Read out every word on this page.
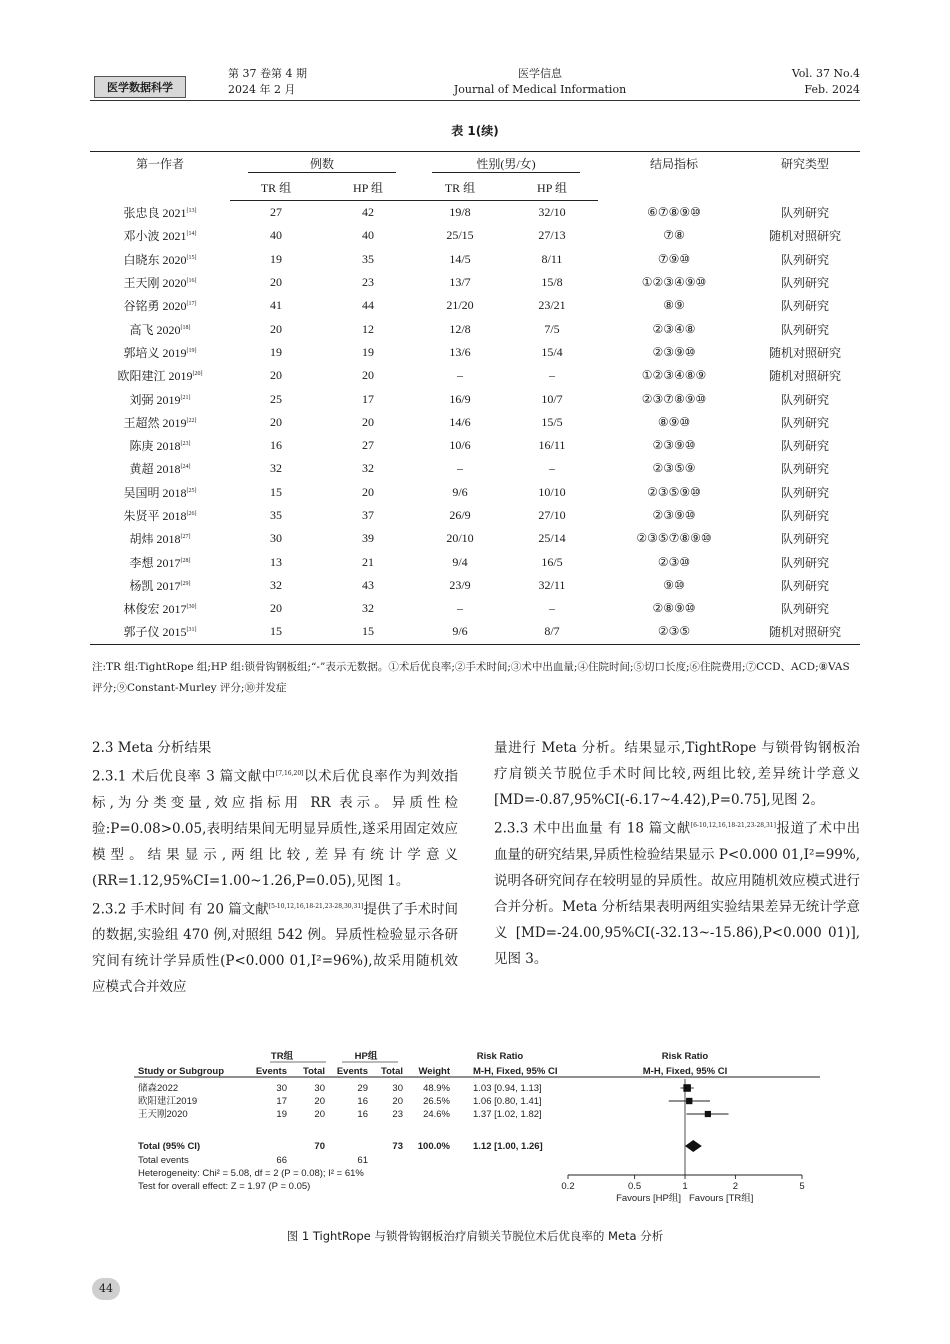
医学数据科学
第 37 卷第 4 期
2024 年 2 月
医学信息
Journal of Medical Information
Vol. 37 No.4
Feb. 2024
表 1(续)
第一作者	例数		性别(男/女)		结局指标	研究类型
	TR 组	HP 组	TR 组	HP 组		
张忠良 2021[13]	27	42	19/8	32/10	⑥⑦⑧⑨⑩	队列研究
邓小波 2021[14]	40	40	25/15	27/13	⑦⑧	随机对照研究
白晓东 2020[15]	19	35	14/5	8/11	⑦⑨⑩	队列研究
王天刚 2020[16]	20	23	13/7	15/8	①②③④⑨⑩	队列研究
谷铭勇 2020[17]	41	44	21/20	23/21	⑧⑨	队列研究
高飞 2020[18]	20	12	12/8	7/5	②③④⑧	队列研究
郭培义 2019[19]	19	19	13/6	15/4	②③⑨⑩	随机对照研究
欧阳建江 2019[20]	20	20	–	–	①②③④⑧⑨	随机对照研究
刘弼 2019[21]	25	17	16/9	10/7	②③⑦⑧⑨⑩	队列研究
王超然 2019[22]	20	20	14/6	15/5	⑧⑨⑩	队列研究
陈庚 2018[23]	16	27	10/6	16/11	②③⑨⑩	队列研究
黄超 2018[24]	32	32	–	–	②③⑤⑨	队列研究
吴国明 2018[25]	15	20	9/6	10/10	②③⑤⑨⑩	队列研究
朱贤平 2018[26]	35	37	26/9	27/10	②③⑨⑩	队列研究
胡炜 2018[27]	30	39	20/10	25/14	②③⑤⑦⑧⑨⑩	队列研究
李想 2017[28]	13	21	9/4	16/5	②③⑩	队列研究
杨凯 2017[29]	32	43	23/9	32/11	⑨⑩	队列研究
林俊宏 2017[30]	20	32	–	–	②⑧⑨⑩	队列研究
郭子仪 2015[31]	15	15	9/6	8/7	②③⑤	随机对照研究
注:TR 组:TightRope 组;HP 组:锁骨钩钢板组;“-”表示无数据。①术后优良率;②手术时间;③术中出血量;④住院时间;⑤切口长度;⑥住院费用;⑦CCD、ACD;⑧VAS 评分;⑨Constant-Murley 评分;⑩并发症

2.3 Meta 分析结果

2.3.1 术后优良率 3 篇文献中[7,16,20]以术后优良率作为判效指标,为分类变量,效应指标用 RR 表示。异质性检验:P=0.08>0.05,表明结果间无明显异质性,遂采用固定效应模型。结果显示,两组比较,差异有统计学意义(RR=1.12,95%CI=1.00~1.26,P=0.05),见图 1。

2.3.2 手术时间 有 20 篇文献[5-10,12,16,18-21,23-28,30,31]提供了手术时间的数据,实验组 470 例,对照组 542 例。异质性检验显示各研究间有统计学异质性(P<0.000 01,I²=96%),故采用随机效应模式合并效应

量进行 Meta 分析。结果显示,TightRope 与锁骨钩钢板治疗肩锁关节脱位手术时间比较,两组比较,差异统计学意义 [MD=-0.87,95%CI(-6.17~4.42),P=0.75],见图 2。

2.3.3 术中出血量 有 18 篇文献[6-10,12,16,18-21,23-28,31]报道了术中出血量的研究结果,异质性检验结果显示 P<0.000 01,I²=99%,说明各研究间存在较明显的异质性。故应用随机效应模式进行合并分析。Meta 分析结果表明两组实验结果差异无统计学意义 [MD=-24.00,95%CI(-32.13~-15.86),P<0.000 01)],见图 3。

TR组	HP组	Risk Ratio	Risk Ratio
Study or Subgroup	Events Total Events Total Weight M-H, Fixed, 95% CI	M-H, Fixed, 95% CI
储森2022	30	30	29	30 48.9% 1.03 [0.94, 1.13]
欧阳建江2019	17	20	16	20 26.5% 1.06 [0.80, 1.41]
王天刚2020	19	20	16	23 24.6% 1.37 [1.02, 1.82]
Total (95% CI)	70	73 100.0% 1.12 [1.00, 1.26]
Total events	66	61
Heterogeneity: Chi² = 5.08, df = 2 (P = 0.08); I² = 61%
Test for overall effect: Z = 1.97 (P = 0.05)	0.2	0.5	1	2	5
Favours [HP组] Favours [TR组]
图 1 TightRope 与锁骨钩钢板治疗肩锁关节脱位术后优良率的 Meta 分析
44
